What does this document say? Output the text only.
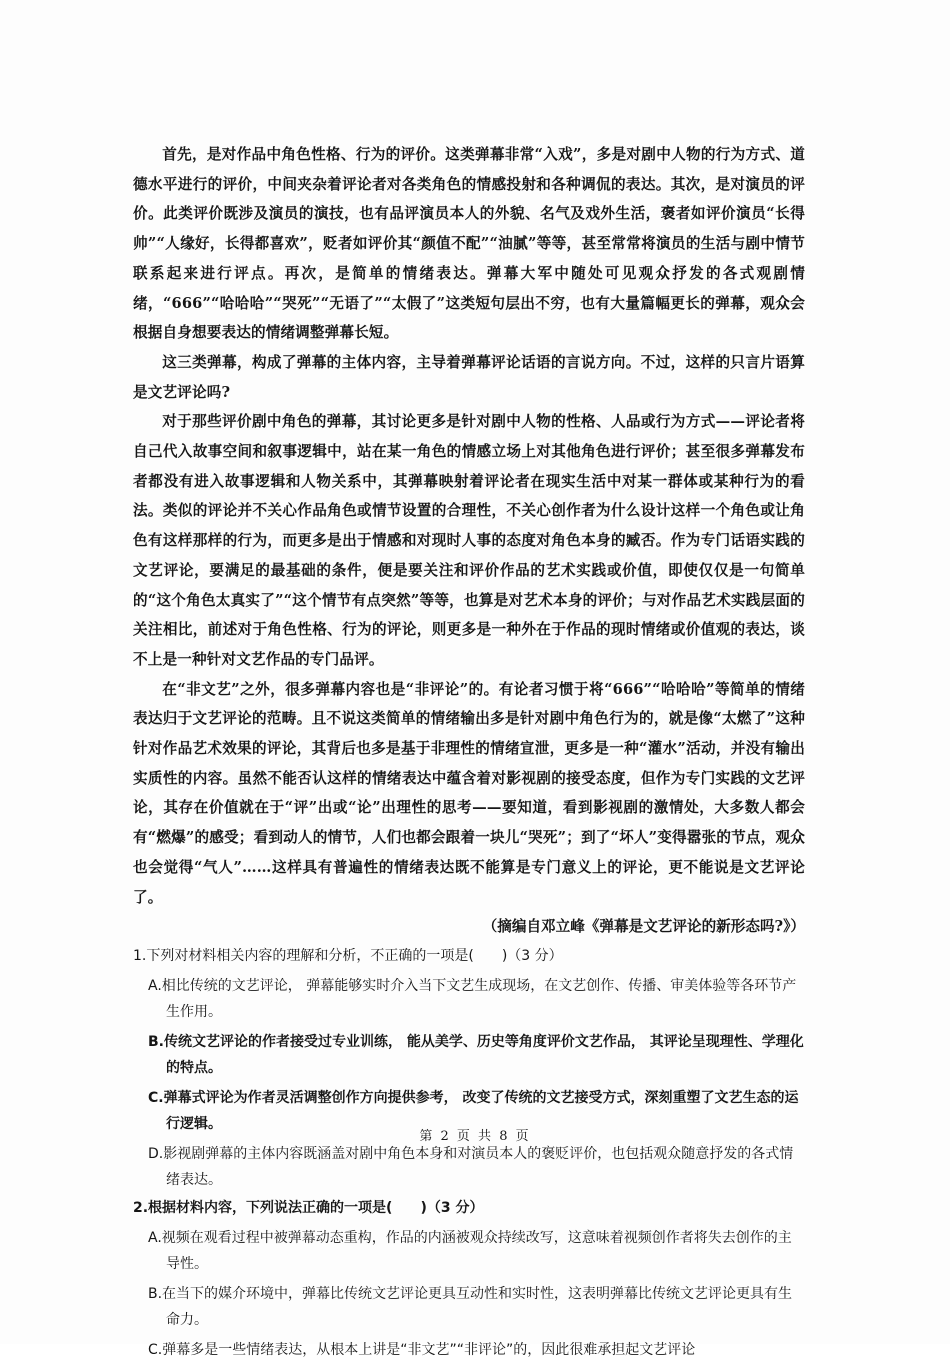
首先，是对作品中角色性格、行为的评价。这类弹幕非常“入戏”，多是对剧中人物的行为方式、道德水平进行的评价，中间夹杂着评论者对各类角色的情感投射和各种调侃的表达。其次，是对演员的评价。此类评价既涉及演员的演技，也有品评演员本人的外貌、名气及戏外生活，褒者如评价演员“长得帅”“人缘好，长得都喜欢”，贬者如评价其“颜值不配”“油腻”等等，甚至常常将演员的生活与剧中情节联系起来进行评点。再次，是简单的情绪表达。弹幕大军中随处可见观众抒发的各式观剧情绪，“666”“哈哈哈”“哭死”“无语了”“太假了”这类短句层出不穷，也有大量篇幅更长的弹幕，观众会根据自身想要表达的情绪调整弹幕长短。

这三类弹幕，构成了弹幕的主体内容，主导着弹幕评论话语的言说方向。不过，这样的只言片语算是文艺评论吗?

对于那些评价剧中角色的弹幕，其讨论更多是针对剧中人物的性格、人品或行为方式——评论者将自己代入故事空间和叙事逻辑中，站在某一角色的情感立场上对其他角色进行评价；甚至很多弹幕发布者都没有进入故事逻辑和人物关系中，其弹幕映射着评论者在现实生活中对某一群体或某种行为的看法。类似的评论并不关心作品角色或情节设置的合理性，不关心创作者为什么设计这样一个角色或让角色有这样那样的行为，而更多是出于情感和对现时人事的态度对角色本身的臧否。作为专门话语实践的文艺评论，要满足的最基础的条件，便是要关注和评价作品的艺术实践或价值，即使仅仅是一句简单的“这个角色太真实了”“这个情节有点突然”等等，也算是对艺术本身的评价；与对作品艺术实践层面的关注相比，前述对于角色性格、行为的评论，则更多是一种外在于作品的现时情绪或价值观的表达，谈不上是一种针对文艺作品的专门品评。

在“非文艺”之外，很多弹幕内容也是“非评论”的。有论者习惯于将“666”“哈哈哈”等简单的情绪表达归于文艺评论的范畴。且不说这类简单的情绪输出多是针对剧中角色行为的，就是像“太燃了”这种针对作品艺术效果的评论，其背后也多是基于非理性的情绪宣泄，更多是一种“灌水”活动，并没有输出实质性的内容。虽然不能否认这样的情绪表达中蕴含着对影视剧的接受态度，但作为专门实践的文艺评论，其存在价值就在于“评”出或“论”出理性的思考——要知道，看到影视剧的激情处，大多数人都会有“燃爆”的感受；看到动人的情节，人们也都会跟着一块儿“哭死”；到了“坏人”变得嚣张的节点，观众也会觉得“气人”……这样具有普遍性的情绪表达既不能算是专门意义上的评论，更不能说是文艺评论了。

（摘编自邓立峰《弹幕是文艺评论的新形态吗?》）

1.下列对材料相关内容的理解和分析，不正确的一项是(　　)（3 分）

A.相比传统的文艺评论， 弹幕能够实时介入当下文艺生成现场，在文艺创作、传播、审美体验等各环节产生作用。

B.传统文艺评论的作者接受过专业训练， 能从美学、历史等角度评价文艺作品， 其评论呈现理性、学理化的特点。

C.弹幕式评论为作者灵活调整创作方向提供参考， 改变了传统的文艺接受方式，深刻重塑了文艺生态的运行逻辑。

D.影视剧弹幕的主体内容既涵盖对剧中角色本身和对演员本人的褒贬评价，也包括观众随意抒发的各式情绪表达。

2.根据材料内容，下列说法正确的一项是(　　)（3 分）

A.视频在观看过程中被弹幕动态重构，作品的内涵被观众持续改写，这意味着视频创作者将失去创作的主导性。

B.在当下的媒介环境中，弹幕比传统文艺评论更具互动性和实时性，这表明弹幕比传统文艺评论更具有生命力。

C.弹幕多是一些情绪表达，从根本上讲是“非文艺”“非评论”的，因此很难承担起文艺评论

第 2 页 共 8 页
